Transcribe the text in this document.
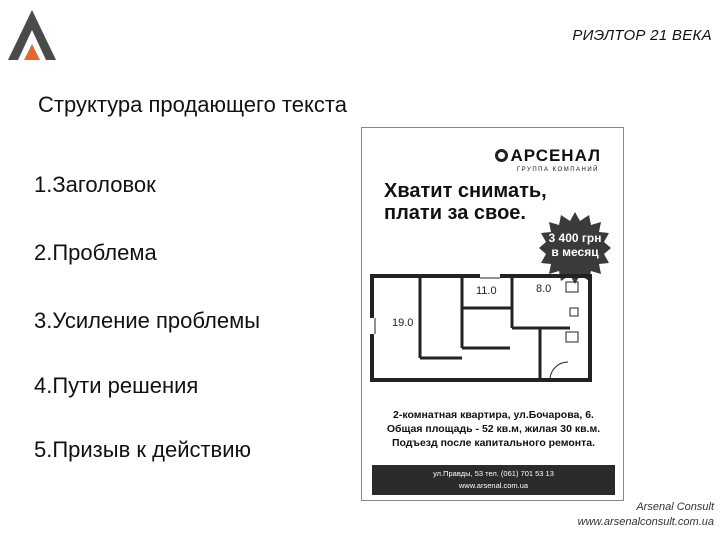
РИЭЛТОР 21 ВЕКА
Структура продающего текста
1.Заголовок
2.Проблема
3.Усиление проблемы
4.Пути решения
5.Призыв к действию
АРСЕНАЛ
ГРУППА КОМПАНИЙ
Хватит снимать,
плати за свое.
3 400 грн
в месяц
19.0
11.0	8.0
2-комнатная квартира, ул.Бочарова, 6.
Общая площадь - 52 кв.м, жилая 30 кв.м.
Подъезд после капитального ремонта.
ул.Правды, 53 тел. (061) 701 53 13
www.arsenal.com.ua
Arsenal Consult
www.arsenalconsult.com.ua
